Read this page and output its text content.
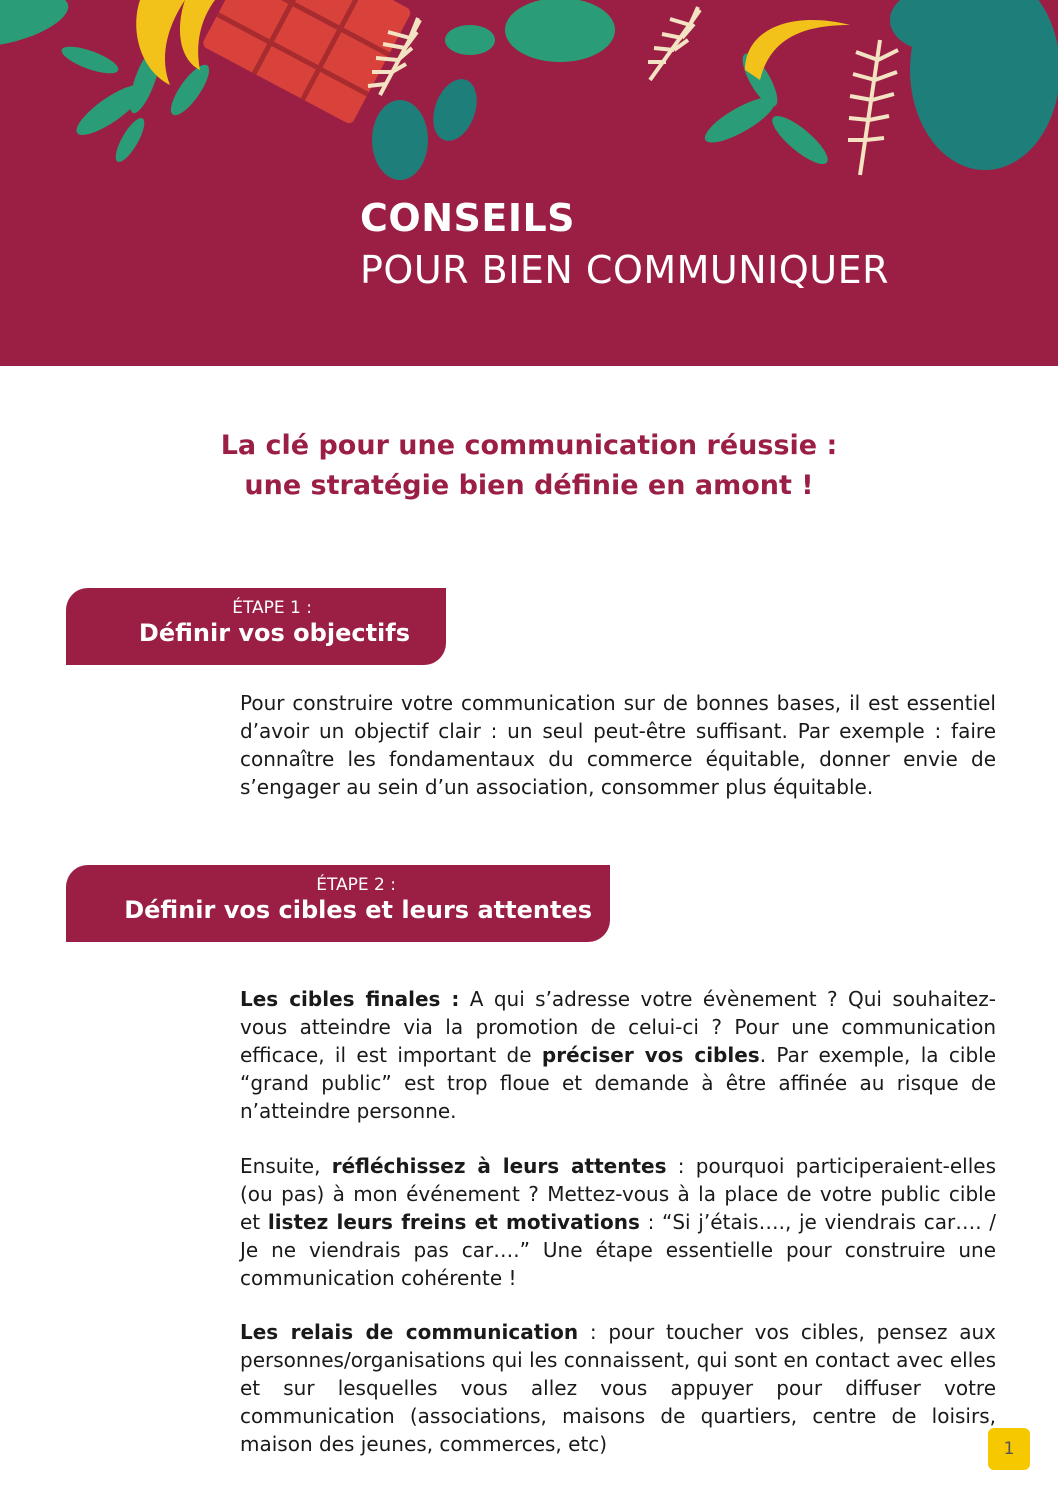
CONSEILS
POUR BIEN COMMUNIQUER
La clé pour une communication réussie :
une stratégie bien définie en amont !
ÉTAPE 1 :
Définir vos objectifs

Pour construire votre communication sur de bonnes bases, il est essentiel d’avoir un objectif clair : un seul peut-être suffisant. Par exemple : faire connaître les fondamentaux du commerce équitable, donner envie de s’engager au sein d’un association, consommer plus équitable.

ÉTAPE 2 :
Définir vos cibles et leurs attentes

Les cibles finales : A qui s’adresse votre évènement ? Qui souhaitez-vous atteindre via la promotion de celui-ci ? Pour une communication efficace, il est important de préciser vos cibles. Par exemple, la cible “grand public” est trop floue et demande à être affinée au risque de n’atteindre personne.

Ensuite, réfléchissez à leurs attentes : pourquoi participeraient-elles (ou pas) à mon événement ? Mettez-vous à la place de votre public cible et listez leurs freins et motivations : “Si j’étais…., je viendrais car…. / Je ne viendrais pas car….” Une étape essentielle pour construire une communication cohérente !

Les relais de communication : pour toucher vos cibles, pensez aux personnes/organisations qui les connaissent, qui sont en contact avec elles et sur lesquelles vous allez vous appuyer pour diffuser votre communication (associations, maisons de quartiers, centre de loisirs, maison des jeunes, commerces, etc)	1
